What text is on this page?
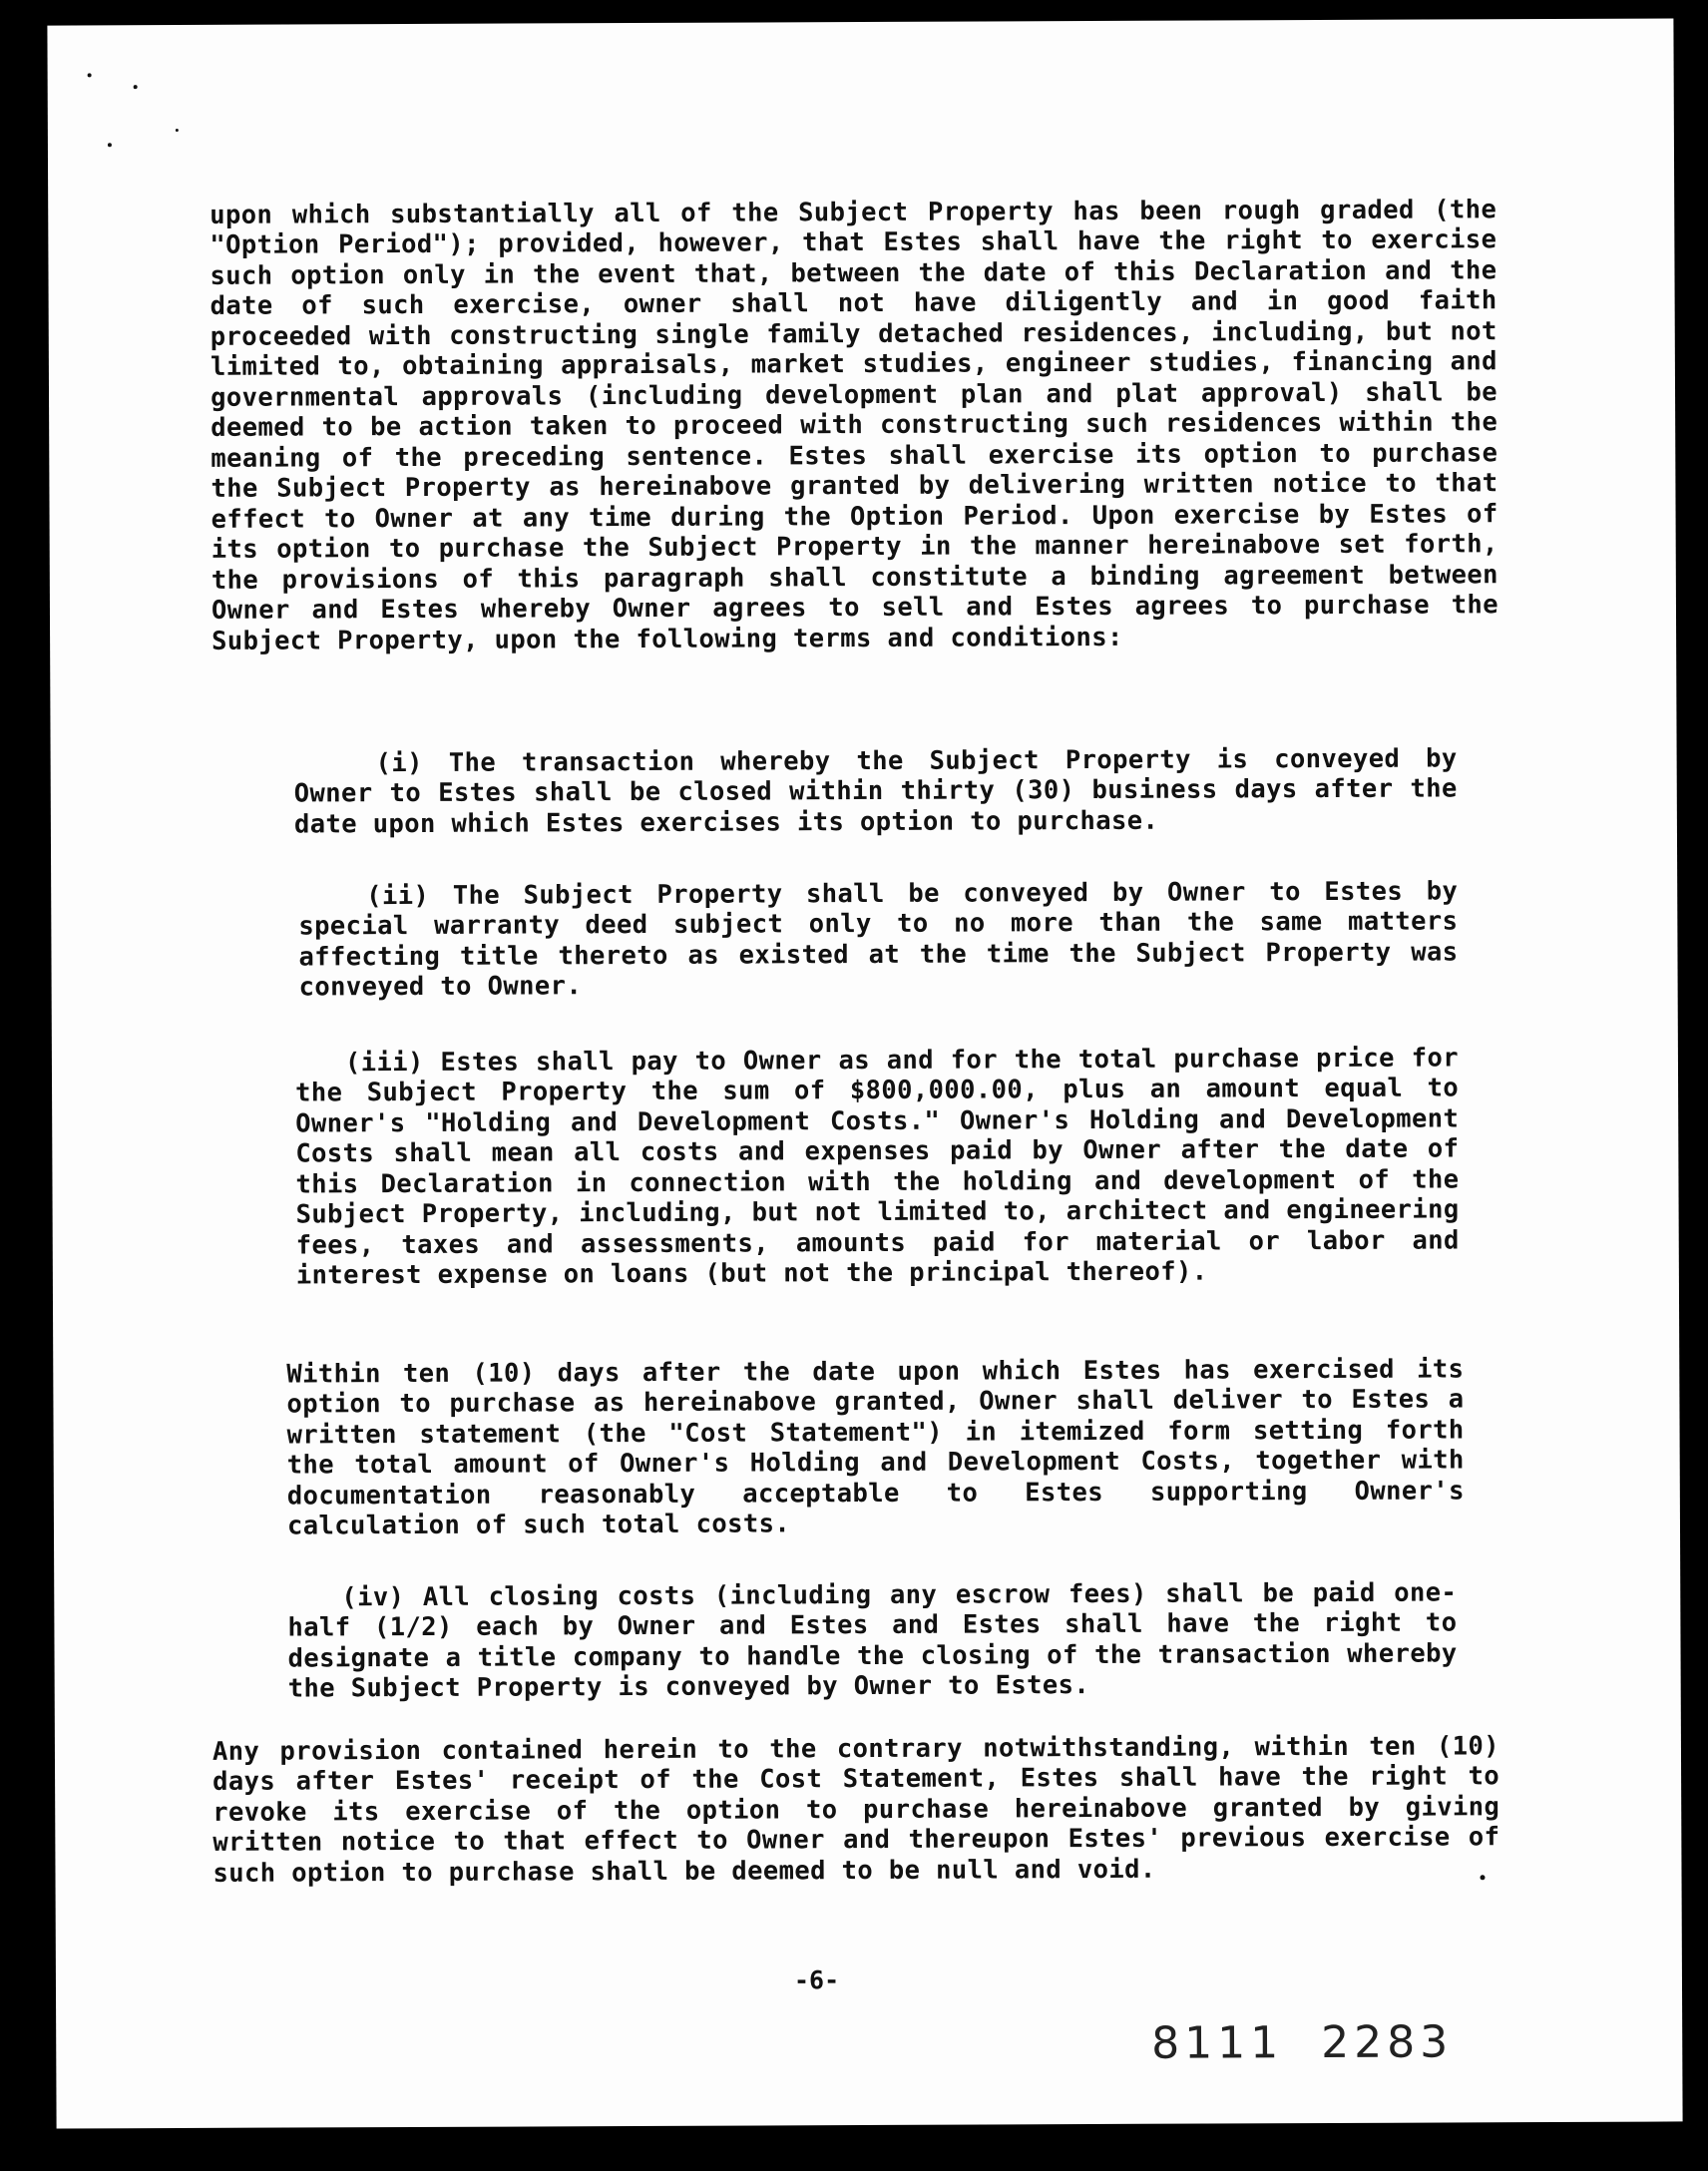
upon which substantially all of the Subject Property has been rough graded (the "Option Period"); provided, however, that Estes shall have the right to exercise such option only in the event that, between the date of this Declaration and the date of such exercise, owner shall not have diligently and in good faith proceeded with constructing single family detached residences, including, but not limited to, obtaining appraisals, market studies, engineer studies, financing and governmental approvals (including development plan and plat approval) shall be deemed to be action taken to proceed with constructing such residences within the meaning of the preceding sentence. Estes shall exercise its option to purchase the Subject Property as hereinabove granted by delivering written notice to that effect to Owner at any time during the Option Period. Upon exercise by Estes of its option to purchase the Subject Property in the manner hereinabove set forth, the provisions of this paragraph shall constitute a binding agreement between Owner and Estes whereby Owner agrees to sell and Estes agrees to purchase the Subject Property, upon the following terms and conditions:

(i) The transaction whereby the Subject Property is conveyed by Owner to Estes shall be closed within thirty (30) business days after the date upon which Estes exercises its option to purchase.

(ii) The Subject Property shall be conveyed by Owner to Estes by special warranty deed subject only to no more than the same matters affecting title thereto as existed at the time the Subject Property was conveyed to Owner.

(iii) Estes shall pay to Owner as and for the total purchase price for the Subject Property the sum of $800,000.00, plus an amount equal to Owner's "Holding and Development Costs." Owner's Holding and Development Costs shall mean all costs and expenses paid by Owner after the date of this Declaration in connection with the holding and development of the Subject Property, including, but not limited to, architect and engineering fees, taxes and assessments, amounts paid for material or labor and interest expense on loans (but not the principal thereof).

Within ten (10) days after the date upon which Estes has exercised its option to purchase as hereinabove granted, Owner shall deliver to Estes a written statement (the "Cost Statement") in itemized form setting forth the total amount of Owner's Holding and Development Costs, together with documentation reasonably acceptable to Estes supporting Owner's calculation of such total costs.

(iv) All closing costs (including any escrow fees) shall be paid one-half (1/2) each by Owner and Estes and Estes shall have the right to designate a title company to handle the closing of the transaction whereby the Subject Property is conveyed by Owner to Estes.

Any provision contained herein to the contrary notwithstanding, within ten (10) days after Estes' receipt of the Cost Statement, Estes shall have the right to revoke its exercise of the option to purchase hereinabove granted by giving written notice to that effect to Owner and thereupon Estes' previous exercise of such option to purchase shall be deemed to be null and void.

-6-
8111  2283
